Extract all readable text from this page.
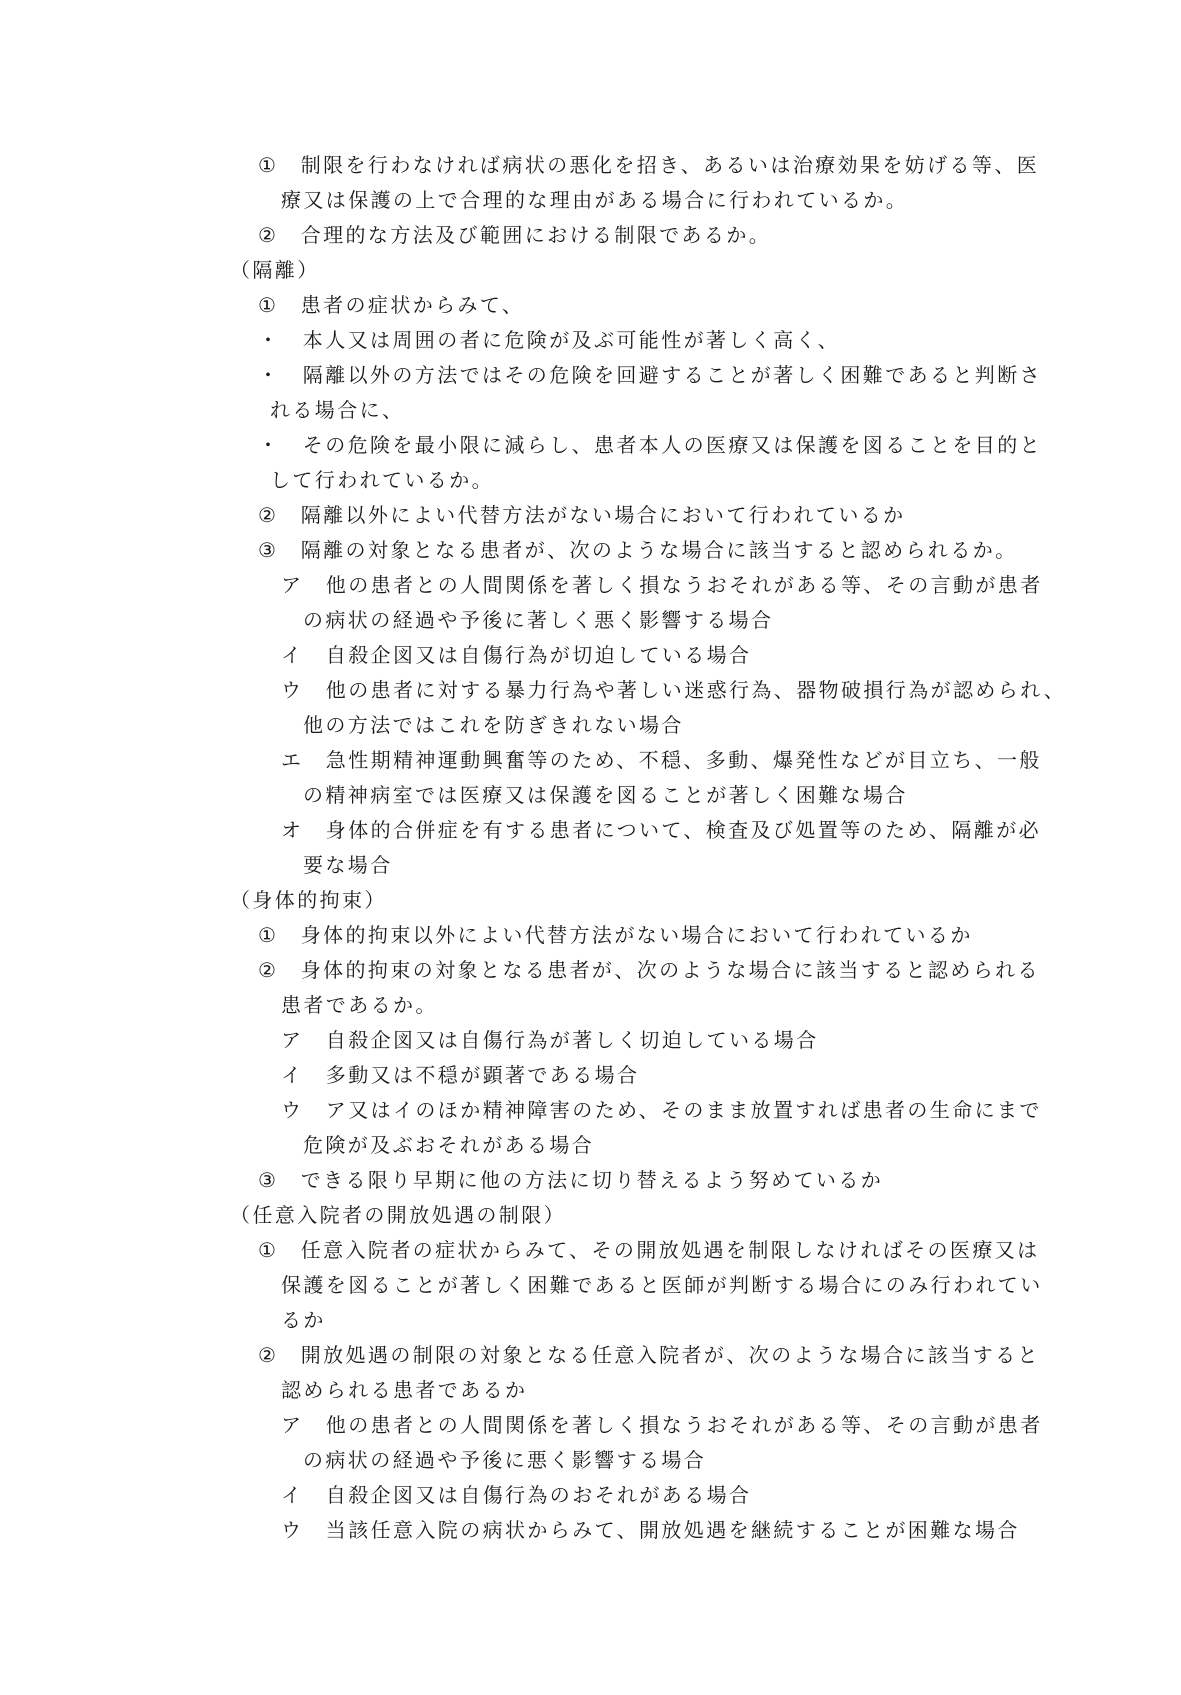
①　制限を行わなければ病状の悪化を招き、あるいは治療効果を妨げる等、医
療又は保護の上で合理的な理由がある場合に行われているか。
②　合理的な方法及び範囲における制限であるか。
（隔離）
①　患者の症状からみて、
・　本人又は周囲の者に危険が及ぶ可能性が著しく高く、
・　隔離以外の方法ではその危険を回避することが著しく困難であると判断さ
れる場合に、
・　その危険を最小限に減らし、患者本人の医療又は保護を図ることを目的と
して行われているか。
②　隔離以外によい代替方法がない場合において行われているか
③　隔離の対象となる患者が、次のような場合に該当すると認められるか。
ア　他の患者との人間関係を著しく損なうおそれがある等、その言動が患者
の病状の経過や予後に著しく悪く影響する場合
イ　自殺企図又は自傷行為が切迫している場合
ウ　他の患者に対する暴力行為や著しい迷惑行為、器物破損行為が認められ、
他の方法ではこれを防ぎきれない場合
エ　急性期精神運動興奮等のため、不穏、多動、爆発性などが目立ち、一般
の精神病室では医療又は保護を図ることが著しく困難な場合
オ　身体的合併症を有する患者について、検査及び処置等のため、隔離が必
要な場合
（身体的拘束）
①　身体的拘束以外によい代替方法がない場合において行われているか
②　身体的拘束の対象となる患者が、次のような場合に該当すると認められる
患者であるか。
ア　自殺企図又は自傷行為が著しく切迫している場合
イ　多動又は不穏が顕著である場合
ウ　ア又はイのほか精神障害のため、そのまま放置すれば患者の生命にまで
危険が及ぶおそれがある場合
③　できる限り早期に他の方法に切り替えるよう努めているか
（任意入院者の開放処遇の制限）
①　任意入院者の症状からみて、その開放処遇を制限しなければその医療又は
保護を図ることが著しく困難であると医師が判断する場合にのみ行われてい
るか
②　開放処遇の制限の対象となる任意入院者が、次のような場合に該当すると
認められる患者であるか
ア　他の患者との人間関係を著しく損なうおそれがある等、その言動が患者
の病状の経過や予後に悪く影響する場合
イ　自殺企図又は自傷行為のおそれがある場合
ウ　当該任意入院の病状からみて、開放処遇を継続することが困難な場合
